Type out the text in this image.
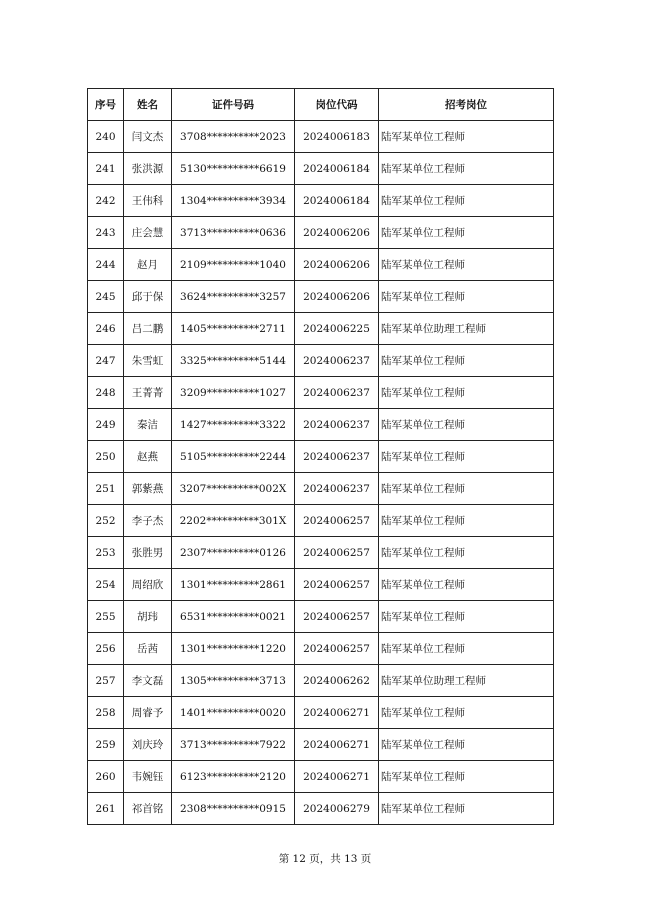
序号	姓名	证件号码	岗位代码	招考岗位
240	闫文杰	3708**********2023	2024006183	陆军某单位工程师
241	张洪源	5130**********6619	2024006184	陆军某单位工程师
242	王伟科	1304**********3934	2024006184	陆军某单位工程师
243	庄会慧	3713**********0636	2024006206	陆军某单位工程师
244	赵月	2109**********1040	2024006206	陆军某单位工程师
245	邱于保	3624**********3257	2024006206	陆军某单位工程师
246	吕二鹏	1405**********2711	2024006225	陆军某单位助理工程师
247	朱雪虹	3325**********5144	2024006237	陆军某单位工程师
248	王菁菁	3209**********1027	2024006237	陆军某单位工程师
249	秦洁	1427**********3322	2024006237	陆军某单位工程师
250	赵燕	5105**********2244	2024006237	陆军某单位工程师
251	郭紫燕	3207**********002X	2024006237	陆军某单位工程师
252	李子杰	2202**********301X	2024006257	陆军某单位工程师
253	张胜男	2307**********0126	2024006257	陆军某单位工程师
254	周绍欣	1301**********2861	2024006257	陆军某单位工程师
255	胡玮	6531**********0021	2024006257	陆军某单位工程师
256	岳茜	1301**********1220	2024006257	陆军某单位工程师
257	李文磊	1305**********3713	2024006262	陆军某单位助理工程师
258	周睿予	1401**********0020	2024006271	陆军某单位工程师
259	刘庆玲	3713**********7922	2024006271	陆军某单位工程师
260	韦婉钰	6123**********2120	2024006271	陆军某单位工程师
261	祁首铭	2308**********0915	2024006279	陆军某单位工程师
第 12 页，共 13 页
